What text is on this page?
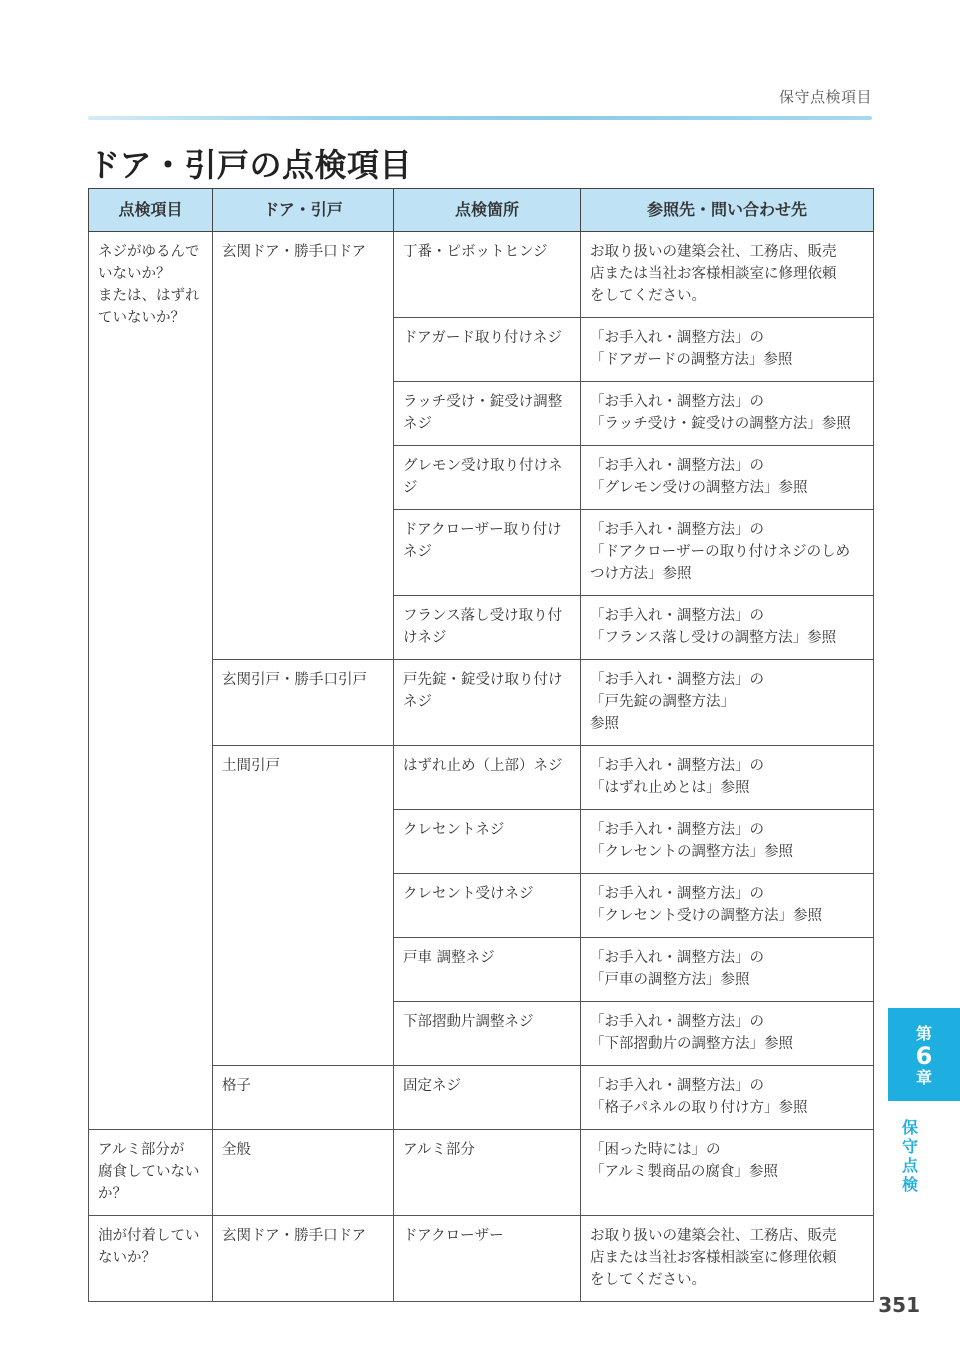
保守点検項目
ドア・引戸の点検項目
点検項目	ドア・引戸	点検箇所	参照先・問い合わせ先

ネジがゆるんで
いないか？
または、はずれ
ていないか？	玄関ドア・勝手口ドア	丁番・ピボットヒンジ	お取り扱いの建築会社、工務店、販売
店または当社お客様相談室に修理依頼
をしてください。

		ドアガード取り付けネジ	「お手入れ・調整方法」の
「ドアガードの調整方法」参照

		ラッチ受け・錠受け調整
ネジ	「お手入れ・調整方法」の
「ラッチ受け・錠受けの調整方法」参照

		グレモン受け取り付けネ
ジ	「お手入れ・調整方法」の
「グレモン受けの調整方法」参照

		ドアクローザー取り付け
ネジ	「お手入れ・調整方法」の
「ドアクローザーの取り付けネジのしめ
つけ方法」参照

		フランス落し受け取り付
けネジ	「お手入れ・調整方法」の
「フランス落し受けの調整方法」参照

	玄関引戸・勝手口引戸	戸先錠・錠受け取り付け
ネジ	「お手入れ・調整方法」の
「戸先錠の調整方法」
参照

	土間引戸	はずれ止め（上部）ネジ	「お手入れ・調整方法」の
「はずれ止めとは」参照

		クレセントネジ	「お手入れ・調整方法」の
「クレセントの調整方法」参照

		クレセント受けネジ	「お手入れ・調整方法」の
「クレセント受けの調整方法」参照

		戸車 調整ネジ	「お手入れ・調整方法」の
「戸車の調整方法」参照

		下部摺動片調整ネジ	「お手入れ・調整方法」の
「下部摺動片の調整方法」参照

	格子	固定ネジ	「お手入れ・調整方法」の
「格子パネルの取り付け方」参照

アルミ部分が
腐食していない
か？	全般	アルミ部分	「困った時には」の
「アルミ製商品の腐食」参照

油が付着してい
ないか？	玄関ドア・勝手口ドア	ドアクローザー	お取り扱いの建築会社、工務店、販売
店または当社お客様相談室に修理依頼
をしてください。
第
6
章
保
守
点
検
351
